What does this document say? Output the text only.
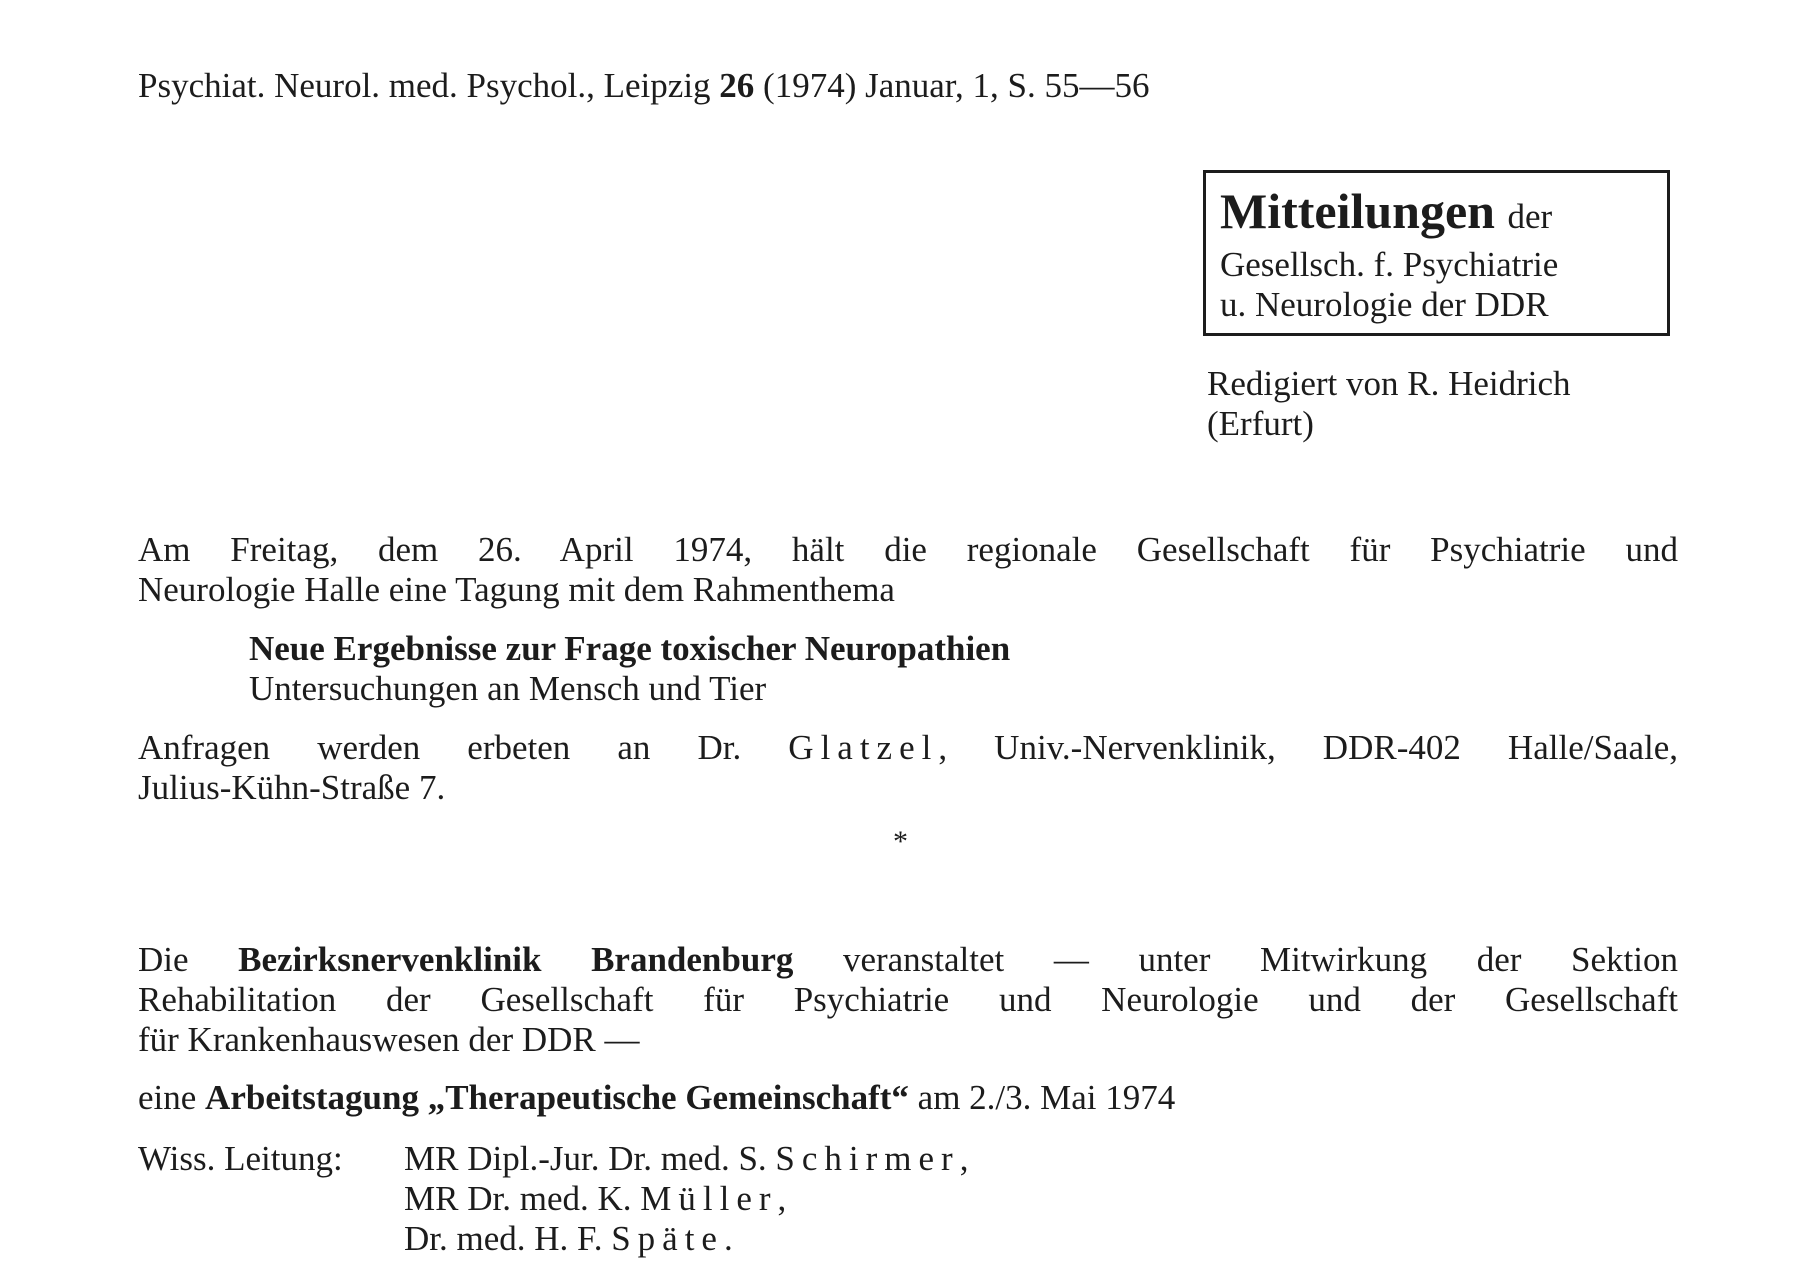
Psychiat. Neurol. med. Psychol., Leipzig 26 (1974) Januar, 1, S. 55—56
Mitteilungen der
Gesellsch. f. Psychiatrie
u. Neurologie der DDR
Redigiert von R. Heidrich
(Erfurt)
Am Freitag, dem 26. April 1974, hält die regionale Gesellschaft für Psychiatrie und
Neurologie Halle eine Tagung mit dem Rahmenthema
Neue Ergebnisse zur Frage toxischer Neuropathien
Untersuchungen an Mensch und Tier
Anfragen werden erbeten an Dr. Glatzel, Univ.-Nervenklinik, DDR-402 Halle/Saale,
Julius-Kühn-Straße 7.
*
Die Bezirksnervenklinik Brandenburg veranstaltet — unter Mitwirkung der Sektion
Rehabilitation der Gesellschaft für Psychiatrie und Neurologie und der Gesellschaft
für Krankenhauswesen der DDR —
eine Arbeitstagung „Therapeutische Gemeinschaft“ am 2./3. Mai 1974
Wiss. Leitung: MR Dipl.-Jur. Dr. med. S. Schirmer,
MR Dr. med. K. Müller,
Dr. med. H. F. Späte.
